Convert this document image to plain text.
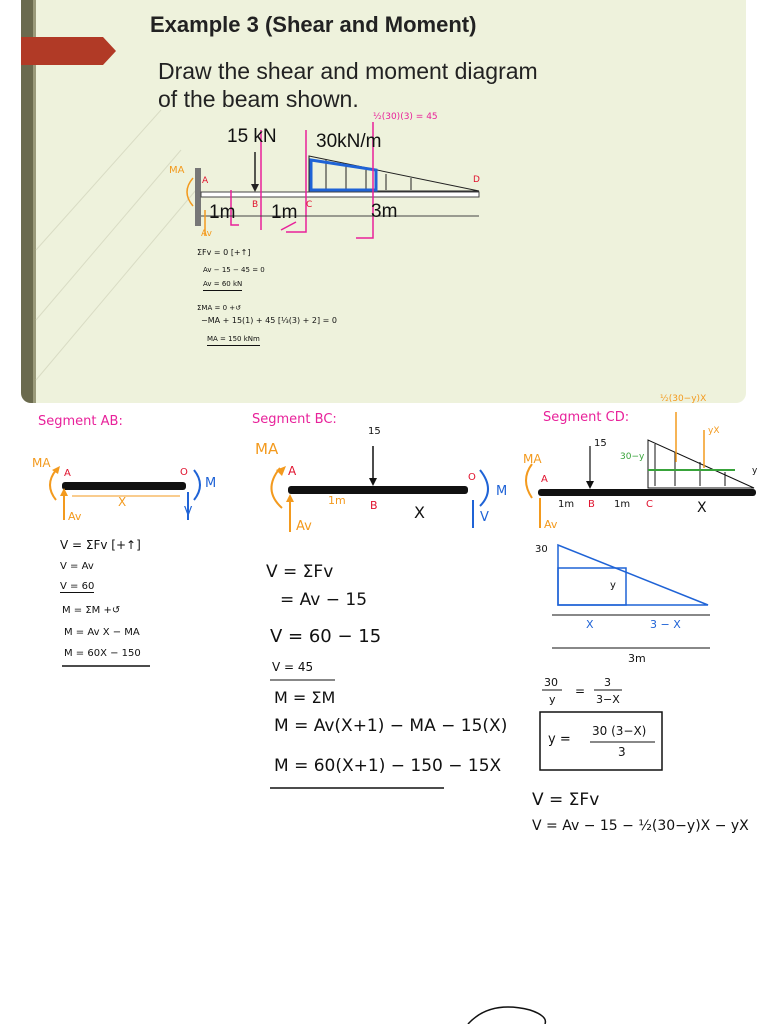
Example 3 (Shear and Moment)
Draw the shear and moment diagram
of the beam shown.
15 kN 30kN/m
1m 1m	3m
A
B	C
D
MA
Av
½(30)(3) = 45
ΣFv = 0 [+↑]
Av − 15 − 45 = 0
Av = 60 kN
ΣMA = 0 +↺
−MA + 15(1) + 45 [⅓(3) + 2] = 0
MA = 150 kNm
Segment AB:
MA
A	O
M
X
Av	V
V = ΣFv [+↑]
V = Av
V = 60
M = ΣM +↺
M = Av X − MA
M = 60X − 150
Segment BC:
15
MA
A	O
M
1m B X
Av
V
V = ΣFv
= Av − 15
V = 60 − 15
V = 45
M = ΣM
M = Av(X+1) − MA − 15(X)
M = 60(X+1) − 150 − 15X
Segment CD:
½(30−y)X
yX
30−y
y
15
MA
A
1m B 1m C	X
Av
30
y
X	3 − X
3m
30
y
=
3
3−X
y =
30 (3−X)
3
V = ΣFv
V = Av − 15 − ½(30−y)X − yX
